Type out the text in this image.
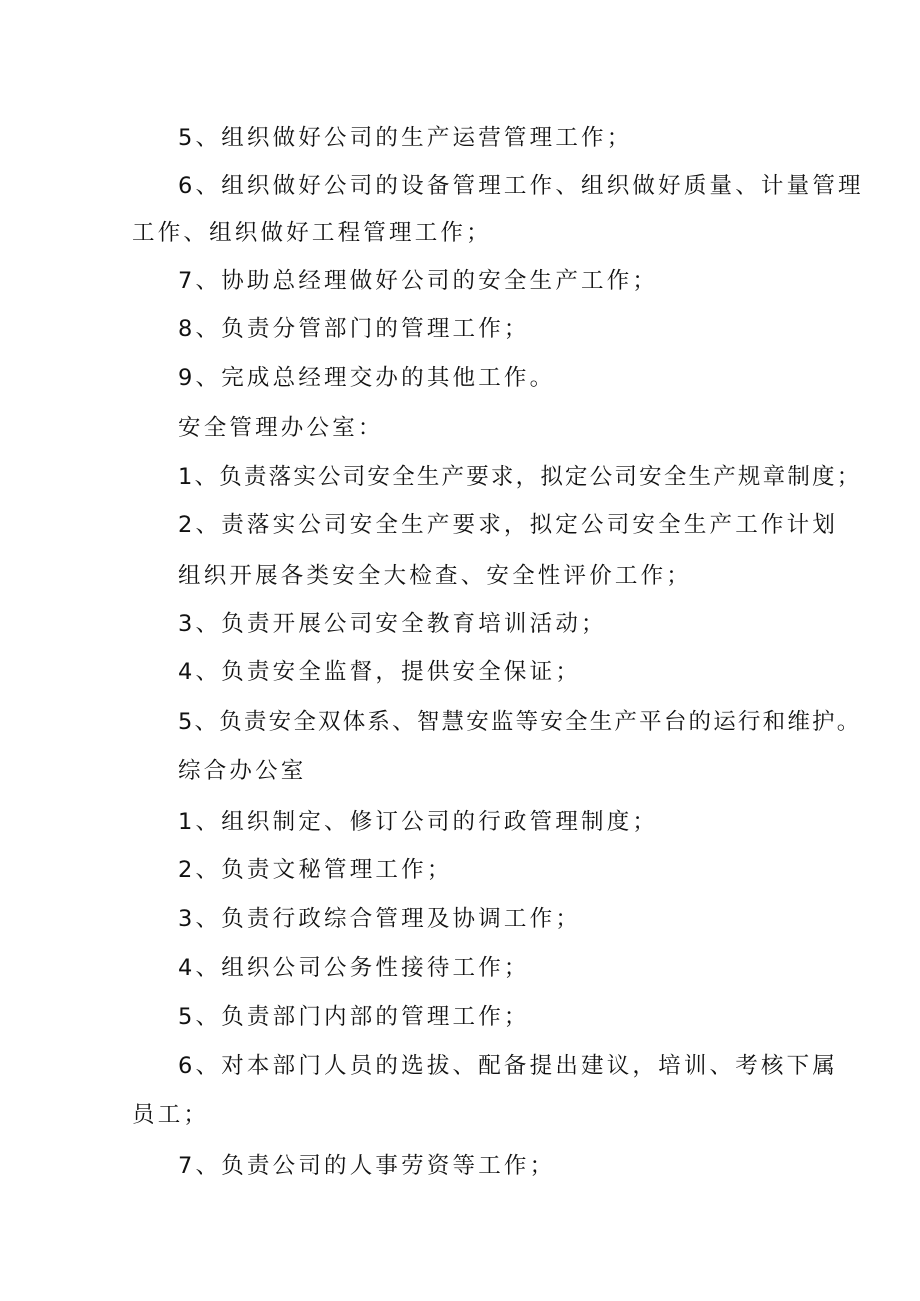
5、组织做好公司的生产运营管理工作；
6、组织做好公司的设备管理工作、组织做好质量、计量管理
工作、组织做好工程管理工作；
7、协助总经理做好公司的安全生产工作；
8、负责分管部门的管理工作；
9、完成总经理交办的其他工作。
安全管理办公室：
1、负责落实公司安全生产要求，拟定公司安全生产规章制度；
2、责落实公司安全生产要求，拟定公司安全生产工作计划
组织开展各类安全大检查、安全性评价工作；
3、负责开展公司安全教育培训活动；
4、负责安全监督，提供安全保证；
5、负责安全双体系、智慧安监等安全生产平台的运行和维护。
综合办公室
1、组织制定、修订公司的行政管理制度；
2、负责文秘管理工作；
3、负责行政综合管理及协调工作；
4、组织公司公务性接待工作；
5、负责部门内部的管理工作；
6、对本部门人员的选拔、配备提出建议，培训、考核下属
员工；
7、负责公司的人事劳资等工作；
